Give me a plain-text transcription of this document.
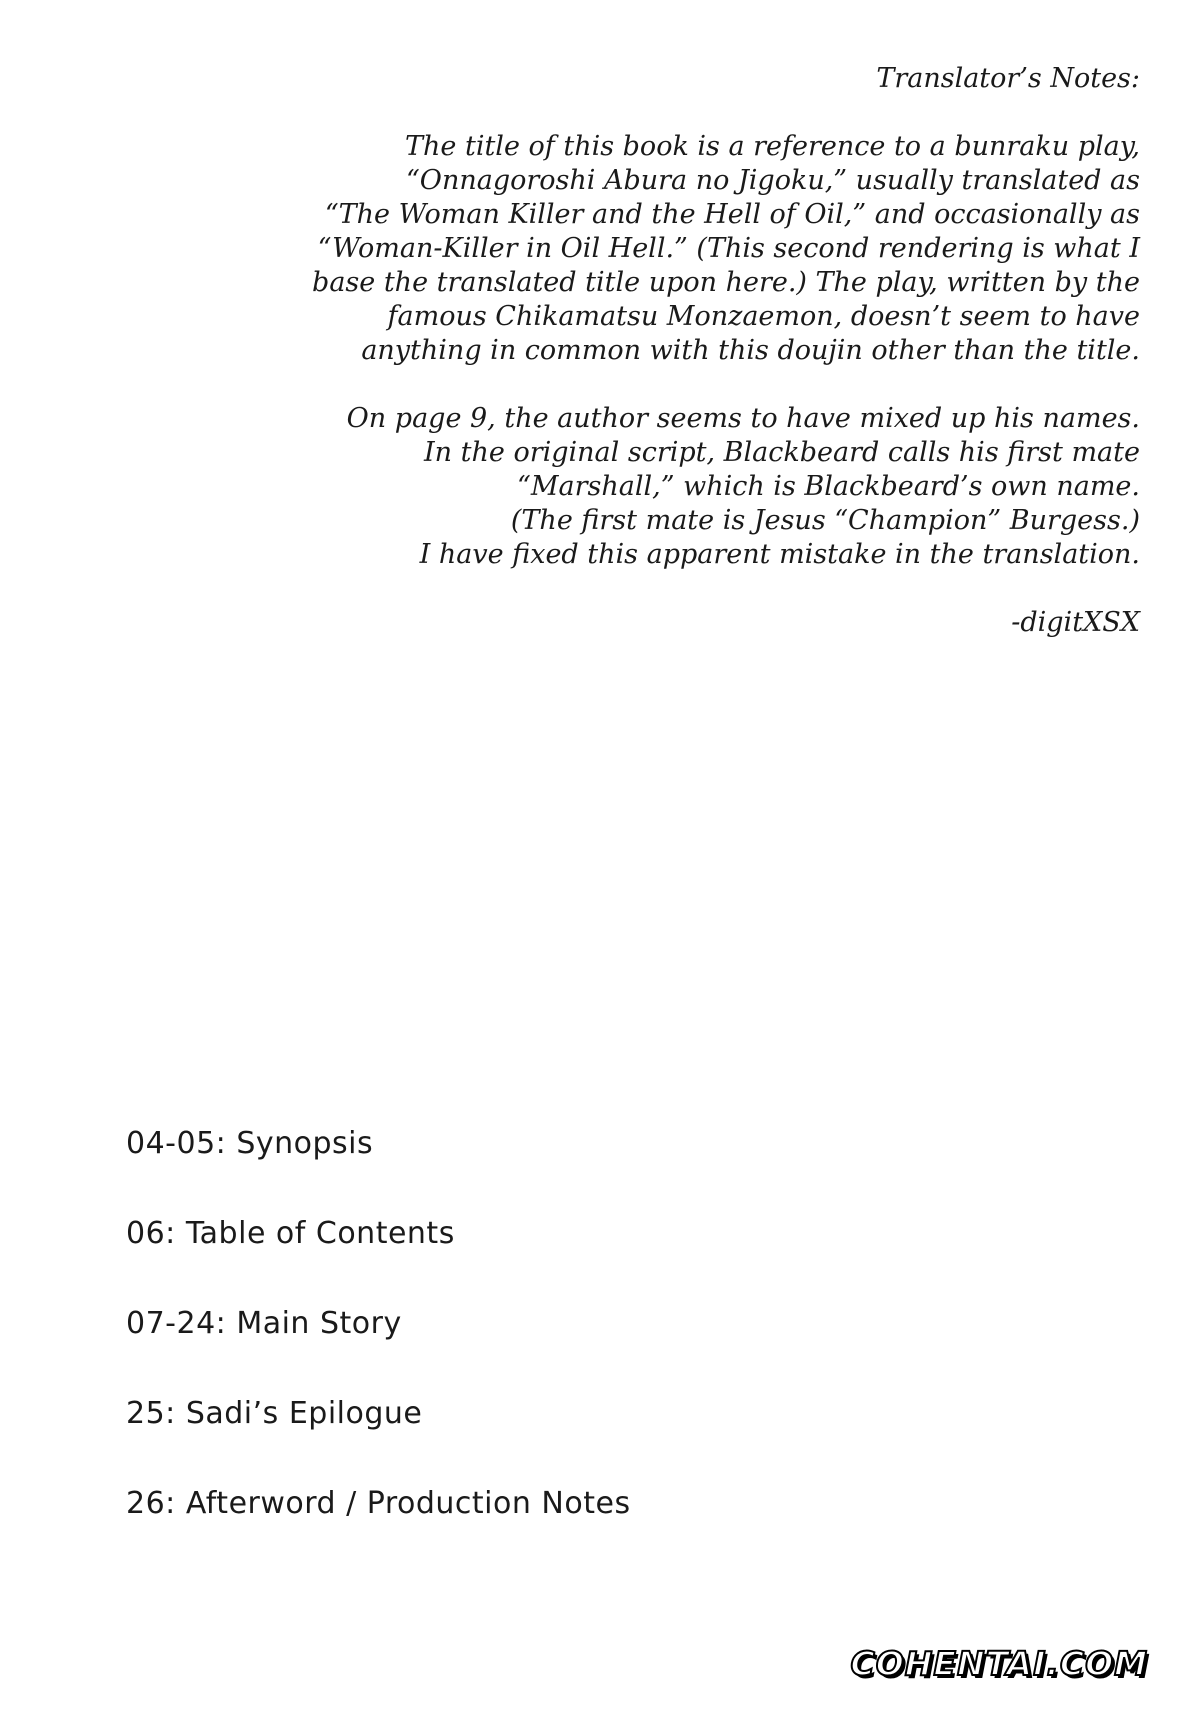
Translator’s Notes:

The title of this book is a reference to a bunraku play,
“Onnagoroshi Abura no Jigoku,” usually translated as
“The Woman Killer and the Hell of Oil,” and occasionally as
“Woman-Killer in Oil Hell.” (This second rendering is what I
base the translated title upon here.) The play, written by the
famous Chikamatsu Monzaemon, doesn’t seem to have
anything in common with this doujin other than the title.

On page 9, the author seems to have mixed up his names.
In the original script, Blackbeard calls his first mate
“Marshall,” which is Blackbeard’s own name.
(The first mate is Jesus “Champion” Burgess.)
I have fixed this apparent mistake in the translation.

-digitXSX
04-05: Synopsis
06: Table of Contents
07-24: Main Story
25: Sadi’s Epilogue
26: Afterword / Production Notes
COHENTAI.COM
